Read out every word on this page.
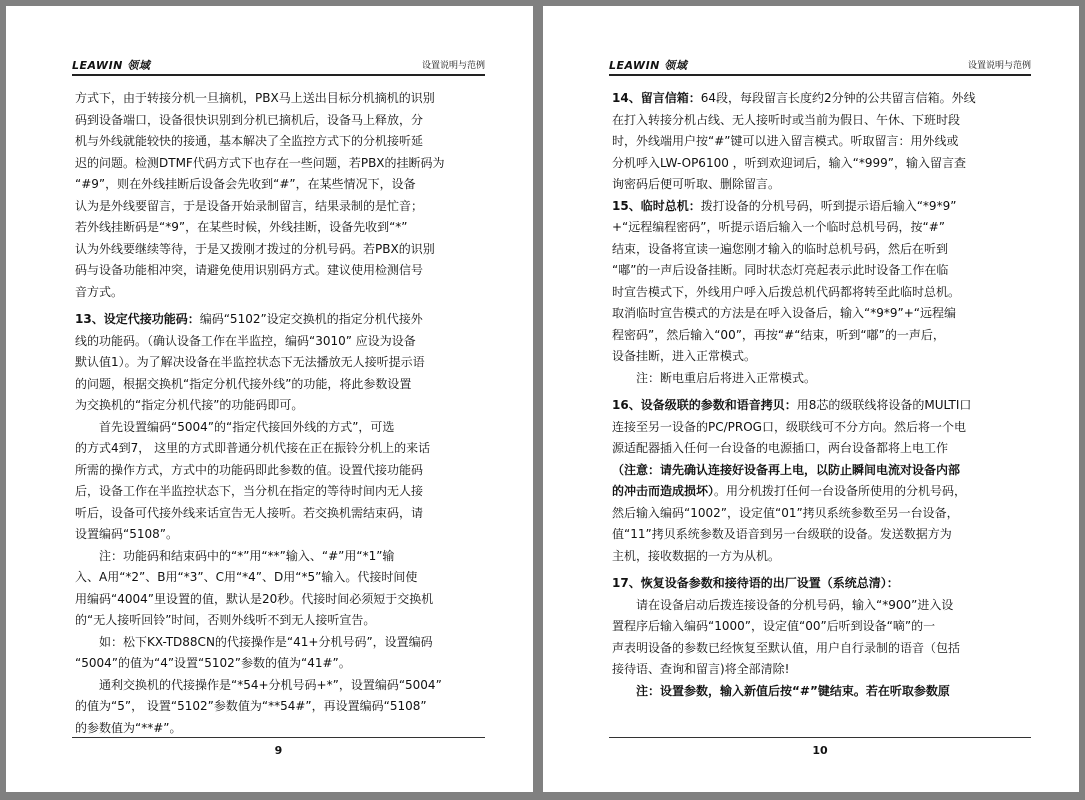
LEAWIN 领域	设置说明与范例
方式下，由于转接分机一旦摘机，PBX马上送出目标分机摘机的识别
码到设备端口，设备很快识别到分机已摘机后，设备马上释放，分
机与外线就能较快的接通，基本解决了全监控方式下的分机接听延
迟的问题。检测DTMF代码方式下也存在一些问题，若PBX的挂断码为
“#9”，则在外线挂断后设备会先收到“#”，在某些情况下，设备
认为是外线要留言，于是设备开始录制留言，结果录制的是忙音；
若外线挂断码是“*9”，在某些时候，外线挂断，设备先收到“*”
认为外线要继续等待，于是又拨刚才拨过的分机号码。若PBX的识别
码与设备功能相冲突，请避免使用识别码方式。建议使用检测信号
音方式。
13、设定代接功能码：编码“5102”设定交换机的指定分机代接外
线的功能码。（确认设备工作在半监控，编码“3010” 应设为设备
默认值1）。为了解决设备在半监控状态下无法播放无人接听提示语
的问题，根据交换机“指定分机代接外线”的功能，将此参数设置
为交换机的“指定分机代接”的功能码即可。
首先设置编码“5004”的“指定代接回外线的方式”，可选
的方式4到7， 这里的方式即普通分机代接在正在振铃分机上的来话
所需的操作方式，方式中的功能码即此参数的值。设置代接功能码
后，设备工作在半监控状态下，当分机在指定的等待时间内无人接
听后，设备可代接外线来话宣告无人接听。若交换机需结束码，请
设置编码“5108”。
注：功能码和结束码中的“*”用“**”输入、“#”用“*1”输
入、A用“*2”、B用“*3”、C用“*4”、D用“*5”输入。代接时间使
用编码“4004”里设置的值，默认是20秒。代接时间必须短于交换机
的“无人接听回铃”时间，否则外线听不到无人接听宣告。
如：松下KX-TD88CN的代接操作是“41+分机号码”，设置编码
“5004”的值为“4”设置“5102”参数的值为“41#”。
通利交换机的代接操作是“*54+分机号码+*”，设置编码“5004”
的值为“5”， 设置“5102”参数值为“**54#”，再设置编码“5108”
的参数值为“**#”。
9
LEAWIN 领域	设置说明与范例
14、留言信箱：64段，每段留言长度约2分钟的公共留言信箱。外线
在打入转接分机占线、无人接听时或当前为假日、午休、下班时段
时，外线端用户按“#”键可以进入留言模式。听取留言：用外线或
分机呼入LW-OP6100 ，听到欢迎词后，输入“*999”，输入留言查
询密码后便可听取、删除留言。
15、临时总机：拨打设备的分机号码，听到提示语后输入“*9*9”
+“远程编程密码”，听提示语后输入一个临时总机号码，按“#”
结束，设备将宣读一遍您刚才输入的临时总机号码，然后在听到
“嘟”的一声后设备挂断。同时状态灯亮起表示此时设备工作在临
时宣告模式下，外线用户呼入后拨总机代码都将转至此临时总机。
取消临时宣告模式的方法是在呼入设备后，输入“*9*9”+“远程编
程密码”，然后输入“00”，再按“#“结束，听到“嘟”的一声后，
设备挂断，进入正常模式。
注：断电重启后将进入正常模式。
16、设备级联的参数和语音拷贝：用8芯的级联线将设备的MULTI口
连接至另一设备的PC/PROG口，级联线可不分方向。然后将一个电
源适配器插入任何一台设备的电源插口，两台设备都将上电工作
（注意：请先确认连接好设备再上电，以防止瞬间电流对设备内部
的冲击而造成损坏）。用分机拨打任何一台设备所使用的分机号码，
然后输入编码“1002”，设定值“01”拷贝系统参数至另一台设备，
值“11”拷贝系统参数及语音到另一台级联的设备。发送数据方为
主机，接收数据的一方为从机。
17、恢复设备参数和接待语的出厂设置（系统总清）：
请在设备启动后拨连接设备的分机号码，输入“*900”进入设
置程序后输入编码“1000”，设定值“00”后听到设备“嘀”的一
声表明设备的参数已经恢复至默认值，用户自行录制的语音（包括
接待语、查询和留言)将全部清除!
注：设置参数，输入新值后按“#”键结束。若在听取参数原
10
